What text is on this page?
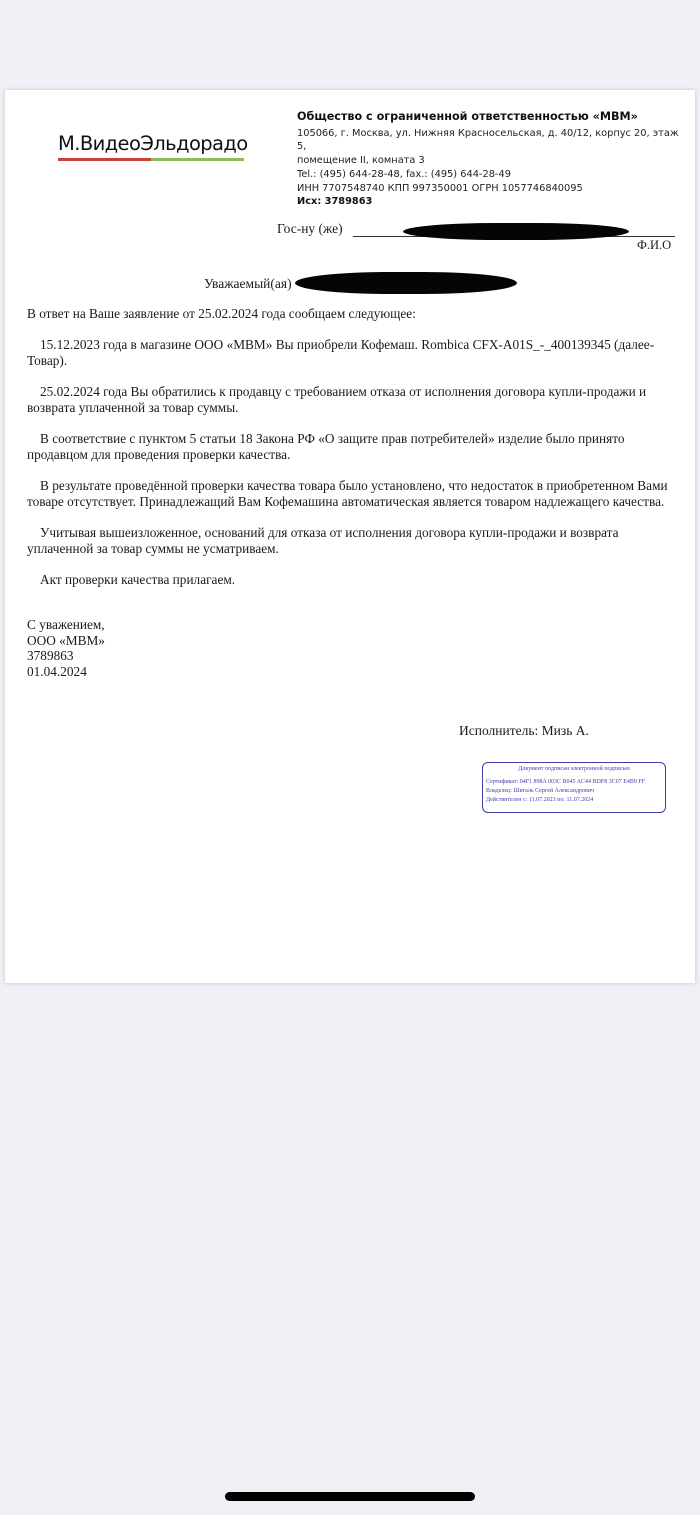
М.ВидеоЭльдорадо
Общество с ограниченной ответственностью «МВМ»
105066, г. Москва, ул. Нижняя Красносельская, д. 40/12, корпус 20, этаж 5,
помещение II, комната 3
Tel.: (495) 644-28-48, fax.: (495) 644-28-49
ИНН 7707548740 КПП 997350001 ОГРН 1057746840095
Исх: 3789863
Гос-ну (же)
Ф.И.О
Уважаемый(ая)

В ответ на Ваше заявление от 25.02.2024 года сообщаем следующее:

15.12.2023 года в магазине ООО «МВМ» Вы приобрели Кофемаш. Rombica CFX-A01S_-_400139345 (далее-Товар).

25.02.2024 года Вы обратились к продавцу с требованием отказа от исполнения договора купли-продажи и возврата уплаченной за товар суммы.

В соответствие с пунктом 5 статьи 18 Закона РФ «О защите прав потребителей» изделие было принято продавцом для проведения проверки качества.

В результате проведённой проверки качества товара было установлено, что недостаток в приобретенном Вами товаре отсутствует. Принадлежащий Вам Кофемашина автоматическая является товаром надлежащего качества.

Учитывая вышеизложенное, оснований для отказа от исполнения договора купли-продажи и возврата уплаченной за товар суммы не усматриваем.

Акт проверки качества прилагаем.

С уважением,
ООО «МВМ»
3789863
01.04.2024
Исполнитель: Мизь А.
Документ подписан электронной подписью
Сертификат: 04F1 898A 003C B045 AC44 BDF8 3C07 E4B9 FF
Владелец: Шигаль Сергей Александрович
Действителен с: 11.07.2023 по: 11.07.2024
